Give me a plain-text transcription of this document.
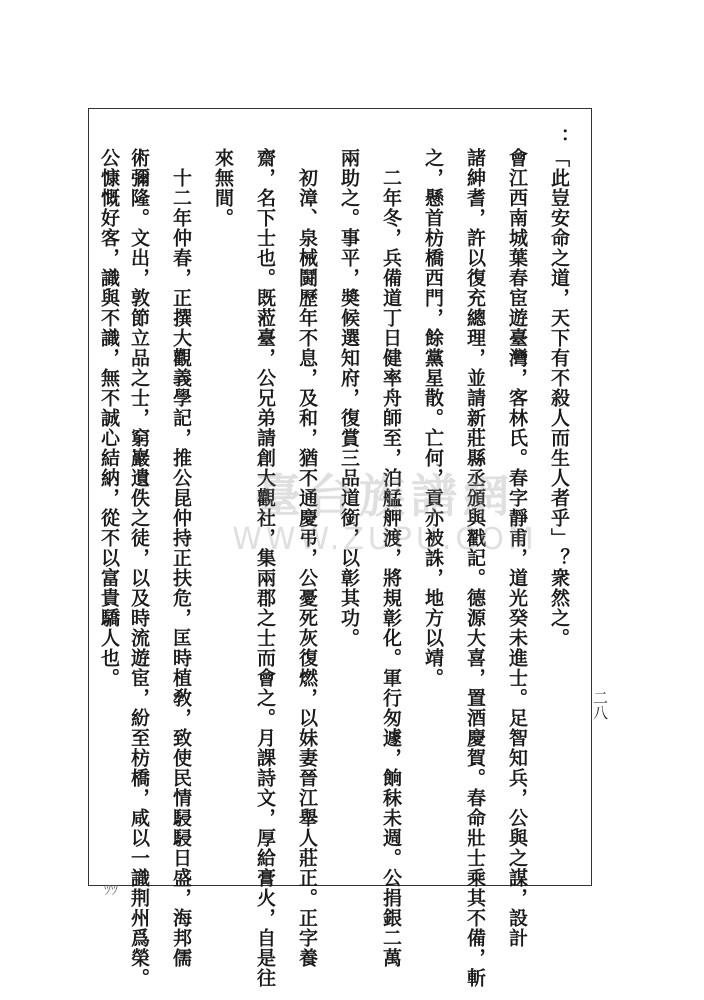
：「此豈安命之道，天下有不殺人而生人者乎」？衆然之。
會江西南城葉春宦遊臺灣，客林氏。春字靜甫，道光癸未進士。足智知兵，公與之謀，設計
諸紳耆，許以復充總理，並請新莊縣丞頒與戳記。德源大喜，置酒慶賀。春命壯士乘其不備，斬
之，懸首枋橋西門，餘黨星散。亡何，貢亦被誅，地方以靖。
二年冬，兵備道丁日健率舟師至，泊艋舺渡，將規彰化。軍行匆遽，餉秣未週。公捐銀二萬
兩助之。事平，奬候選知府，復賞三品道銜，以彰其功。
初漳、泉械鬪歷年不息，及和，猶不通慶弔，公憂死灰復燃，以妹妻晉江舉人莊正。正字養
齋，名下士也。既蒞臺，公兄弟請創大觀社，集兩郡之士而會之。月課詩文，厚給膏火，自是往
來無間。
十二年仲春，正撰大觀義學記，推公昆仲持正扶危，匡時植敎，致使民情駸駸日盛，海邦儒
術彌隆。文出，敦節立品之士，窮巖遺佚之徒，以及時流遊宦，紛至枋橋，咸以一識荆州爲榮。
公慷慨好客，識與不識，無不誠心結納，從不以富貴驕人也。
二八
臺台族譜網
WWW.ZUPU.COM
ﾂﾂ
